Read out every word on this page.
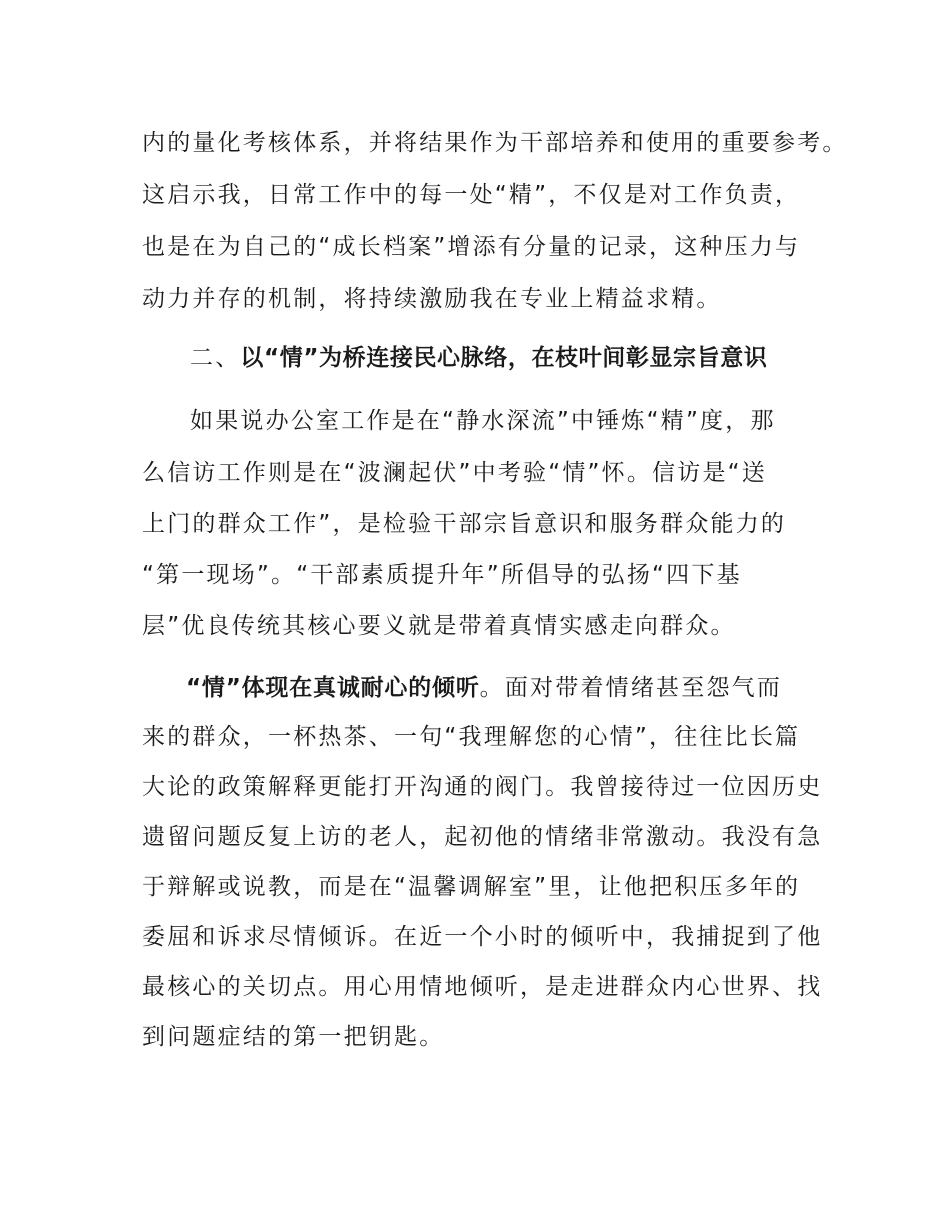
内的量化考核体系，并将结果作为干部培养和使用的重要参考。
这启示我，日常工作中的每一处“精”，不仅是对工作负责，
也是在为自己的“成长档案”增添有分量的记录，这种压力与
动力并存的机制，将持续激励我在专业上精益求精。
二、以“情”为桥连接民心脉络，在枝叶间彰显宗旨意识
如果说办公室工作是在“静水深流”中锤炼“精”度，那
么信访工作则是在“波澜起伏”中考验“情”怀。信访是“送
上门的群众工作”，是检验干部宗旨意识和服务群众能力的
“第一现场”。“干部素质提升年”所倡导的弘扬“四下基
层”优良传统其核心要义就是带着真情实感走向群众。
“情”体现在真诚耐心的倾听。面对带着情绪甚至怨气而
来的群众，一杯热茶、一句“我理解您的心情”，往往比长篇
大论的政策解释更能打开沟通的阀门。我曾接待过一位因历史
遗留问题反复上访的老人，起初他的情绪非常激动。我没有急
于辩解或说教，而是在“温馨调解室”里，让他把积压多年的
委屈和诉求尽情倾诉。在近一个小时的倾听中，我捕捉到了他
最核心的关切点。用心用情地倾听，是走进群众内心世界、找
到问题症结的第一把钥匙。
